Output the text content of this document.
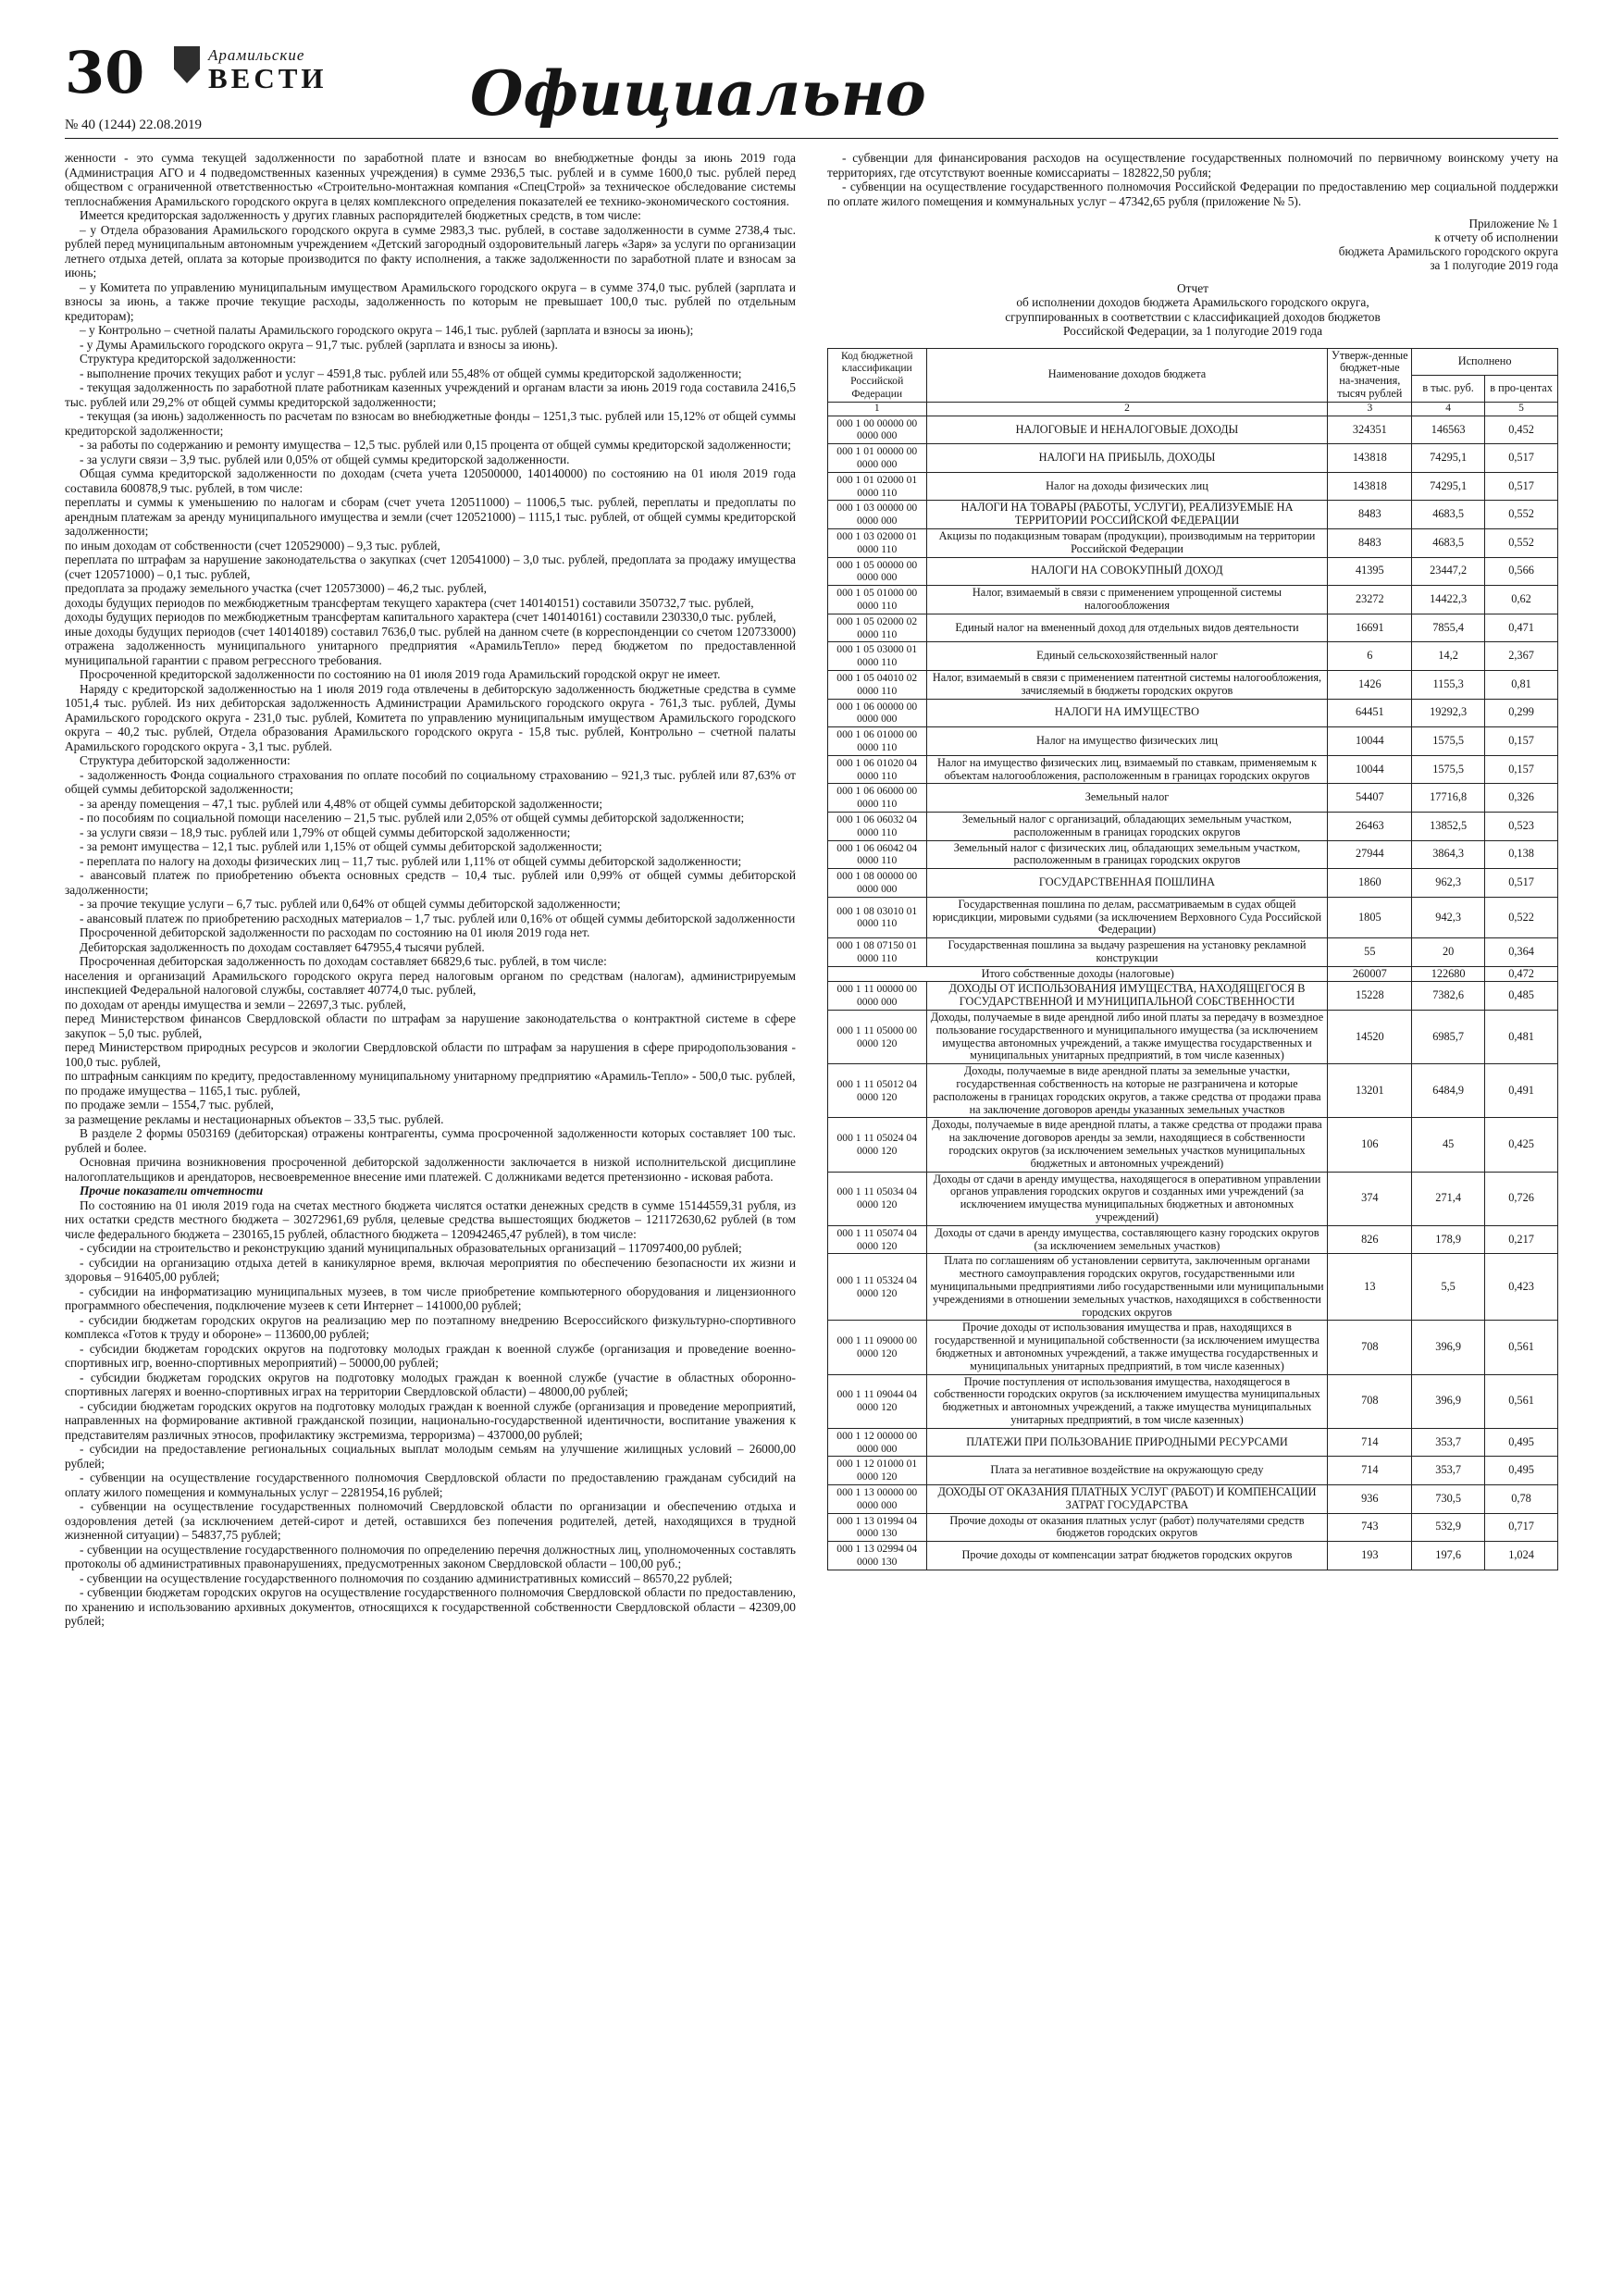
30	Арамильские
ВЕСТИ
№ 40 (1244) 22.08.2019	Официально

женности - это сумма текущей задолженности по заработной плате и взносам во внебюджетные фонды за июнь 2019 года (Администрация АГО и 4 подведомственных казенных учреждения) в сумме 2936,5 тыс. рублей и в сумме 1600,0 тыс. рублей перед обществом с ограниченной ответственностью «Строительно-монтажная компания «СпецСтрой» за техническое обследование системы теплоснабжения Арамильского городского округа в целях комплексного определения показателей ее технико-экономического состояния.

Имеется кредиторская задолженность у других главных распорядителей бюджетных средств, в том числе:

– у Отдела образования Арамильского городского округа в сумме 2983,3 тыс. рублей, в составе задолженности в сумме 2738,4 тыс. рублей перед муниципальным автономным учреждением «Детский загородный оздоровительный лагерь «Заря» за услуги по организации летнего отдыха детей, оплата за которые производится по факту исполнения, а также задолженности по заработной плате и взносам за июнь;

– у Комитета по управлению муниципальным имуществом Арамильского городского округа – в сумме 374,0 тыс. рублей (зарплата и взносы за июнь, а также прочие текущие расходы, задолженность по которым не превышает 100,0 тыс. рублей по отдельным кредиторам);

– у Контрольно – счетной палаты Арамильского городского округа – 146,1 тыс. рублей (зарплата и взносы за июнь);

- у Думы Арамильского городского округа – 91,7 тыс. рублей (зарплата и взносы за июнь).

Структура кредиторской задолженности:

- выполнение прочих текущих работ и услуг – 4591,8 тыс. рублей или 55,48% от общей суммы кредиторской задолженности;

- текущая задолженность по заработной плате работникам казенных учреждений и органам власти за июнь 2019 года составила 2416,5 тыс. рублей или 29,2% от общей суммы кредиторской задолженности;

- текущая (за июнь) задолженность по расчетам по взносам во внебюджетные фонды – 1251,3 тыс. рублей или 15,12% от общей суммы кредиторской задолженности;

- за работы по содержанию и ремонту имущества – 12,5 тыс. рублей или 0,15 процента от общей суммы кредиторской задолженности;

- за услуги связи – 3,9 тыс. рублей или 0,05% от общей суммы кредиторской задолженности.

Общая сумма кредиторской задолженности по доходам (счета учета 120500000, 140140000) по состоянию на 01 июля 2019 года составила 600878,9 тыс. рублей, в том числе:

переплаты и суммы к уменьшению по налогам и сборам (счет учета 120511000) – 11006,5 тыс. рублей, переплаты и предоплаты по арендным платежам за аренду муниципального имущества и земли (счет 120521000) – 1115,1 тыс. рублей, от общей суммы кредиторской задолженности;

по иным доходам от собственности (счет 120529000) – 9,3 тыс. рублей,

переплата по штрафам за нарушение законодательства о закупках (счет 120541000) – 3,0 тыс. рублей, предоплата за продажу имущества (счет 120571000) – 0,1 тыс. рублей,

предоплата за продажу земельного участка (счет 120573000) – 46,2 тыс. рублей,

доходы будущих периодов по межбюджетным трансфертам текущего характера (счет 140140151) составили 350732,7 тыс. рублей,

доходы будущих периодов по межбюджетным трансфертам капитального характера (счет 140140161) составили 230330,0 тыс. рублей,

иные доходы будущих периодов (счет 140140189) составил 7636,0 тыс. рублей на данном счете (в корреспонденции со счетом 120733000) отражена задолженность муниципального унитарного предприятия «АрамильТепло» перед бюджетом по предоставленной муниципальной гарантии с правом регрессного требования.

Просроченной кредиторской задолженности по состоянию на 01 июля 2019 года Арамильский городской округ не имеет.

Наряду с кредиторской задолженностью на 1 июля 2019 года отвлечены в дебиторскую задолженность бюджетные средства в сумме 1051,4 тыс. рублей. Из них дебиторская задолженность Администрации Арамильского городского округа - 761,3 тыс. рублей, Думы Арамильского городского округа - 231,0 тыс. рублей, Комитета по управлению муниципальным имуществом Арамильского городского округа – 40,2 тыс. рублей, Отдела образования Арамильского городского округа - 15,8 тыс. рублей, Контрольно – счетной палаты Арамильского городского округа - 3,1 тыс. рублей.

Структура дебиторской задолженности:

- задолженность Фонда социального страхования по оплате пособий по социальному страхованию – 921,3 тыс. рублей или 87,63% от общей суммы дебиторской задолженности;

- за аренду помещения – 47,1 тыс. рублей или 4,48% от общей суммы дебиторской задолженности;

- по пособиям по социальной помощи населению – 21,5 тыс. рублей или 2,05% от общей суммы дебиторской задолженности;

- за услуги связи – 18,9 тыс. рублей или 1,79% от общей суммы дебиторской задолженности;

- за ремонт имущества – 12,1 тыс. рублей или 1,15% от общей суммы дебиторской задолженности;

- переплата по налогу на доходы физических лиц – 11,7 тыс. рублей или 1,11% от общей суммы дебиторской задолженности;

- авансовый платеж по приобретению объекта основных средств – 10,4 тыс. рублей или 0,99% от общей суммы дебиторской задолженности;

- за прочие текущие услуги – 6,7 тыс. рублей или 0,64% от общей суммы дебиторской задолженности;

- авансовый платеж по приобретению расходных материалов – 1,7 тыс. рублей или 0,16% от общей суммы дебиторской задолженности

Просроченной дебиторской задолженности по расходам по состоянию на 01 июля 2019 года нет.

Дебиторская задолженность по доходам составляет 647955,4 тысячи рублей.

Просроченная дебиторская задолженность по доходам составляет 66829,6 тыс. рублей, в том числе:

населения и организаций Арамильского городского округа перед налоговым органом по средствам (налогам), администрируемым инспекцией Федеральной налоговой службы, составляет 40774,0 тыс. рублей,

по доходам от аренды имущества и земли – 22697,3 тыс. рублей,

перед Министерством финансов Свердловской области по штрафам за нарушение законодательства о контрактной системе в сфере закупок – 5,0 тыс. рублей,

перед Министерством природных ресурсов и экологии Свердловской области по штрафам за нарушения в сфере природопользования - 100,0 тыс. рублей,

по штрафным санкциям по кредиту, предоставленному муниципальному унитарному предприятию «Арамиль-Тепло» - 500,0 тыс. рублей,

по продаже имущества – 1165,1 тыс. рублей,

по продаже земли – 1554,7 тыс. рублей,

за размещение рекламы и нестационарных объектов – 33,5 тыс. рублей.

В разделе 2 формы 0503169 (дебиторская) отражены контрагенты, сумма просроченной задолженности которых составляет 100 тыс. рублей и более.

Основная причина возникновения просроченной дебиторской задолженности заключается в низкой исполнительской дисциплине налогоплательщиков и арендаторов, несвоевременное внесение ими платежей. С должниками ведется претензионно - исковая работа.

Прочие показатели отчетности

По состоянию на 01 июля 2019 года на счетах местного бюджета числятся остатки денежных средств в сумме 15144559,31 рубля, из них остатки средств местного бюджета – 30272961,69 рубля, целевые средства вышестоящих бюджетов – 121172630,62 рублей (в том числе федерального бюджета – 230165,15 рублей, областного бюджета – 120942465,47 рублей), в том числе:

- субсидии на строительство и реконструкцию зданий муниципальных образовательных организаций – 117097400,00 рублей;

- субсидии на организацию отдыха детей в каникулярное время, включая мероприятия по обеспечению безопасности их жизни и здоровья – 916405,00 рублей;

- субсидии на информатизацию муниципальных музеев, в том числе приобретение компьютерного оборудования и лицензионного программного обеспечения, подключение музеев к сети Интернет – 141000,00 рублей;

- субсидии бюджетам городских округов на реализацию мер по поэтапному внедрению Всероссийского физкультурно-спортивного комплекса «Готов к труду и обороне» – 113600,00 рублей;

- субсидии бюджетам городских округов на подготовку молодых граждан к военной службе (организация и проведение военно-спортивных игр, военно-спортивных мероприятий) – 50000,00 рублей;

- субсидии бюджетам городских округов на подготовку молодых граждан к военной службе (участие в областных оборонно-спортивных лагерях и военно-спортивных играх на территории Свердловской области) – 48000,00 рублей;

- субсидии бюджетам городских округов на подготовку молодых граждан к военной службе (организация и проведение мероприятий, направленных на формирование активной гражданской позиции, национально-государственной идентичности, воспитание уважения к представителям различных этносов, профилактику экстремизма, терроризма) – 437000,00 рублей;

- субсидии на предоставление региональных социальных выплат молодым семьям на улучшение жилищных условий – 26000,00 рублей;

- субвенции на осуществление государственного полномочия Свердловской области по предоставлению гражданам субсидий на оплату жилого помещения и коммунальных услуг – 2281954,16 рублей;

- субвенции на осуществление государственных полномочий Свердловской области по организации и обеспечению отдыха и оздоровления детей (за исключением детей-сирот и детей, оставшихся без попечения родителей, детей, находящихся в трудной жизненной ситуации) – 54837,75 рублей;

- субвенции на осуществление государственного полномочия по определению перечня должностных лиц, уполномоченных составлять протоколы об административных правонарушениях, предусмотренных законом Свердловской области – 100,00 руб.;

- субвенции на осуществление государственного полномочия по созданию административных комиссий – 86570,22 рублей;

- субвенции бюджетам городских округов на осуществление государственного полномочия Свердловской области по предоставлению, по хранению и использованию архивных документов, относящихся к государственной собственности Свердловской области – 42309,00 рублей;

- субвенции для финансирования расходов на осуществление государственных полномочий по первичному воинскому учету на территориях, где отсутствуют военные комиссариаты – 182822,50 рубля;

- субвенции на осуществление государственного полномочия Российской Федерации по предоставлению мер социальной поддержки по оплате жилого помещения и коммунальных услуг – 47342,65 рубля (приложение № 5).

Приложение № 1
к отчету об исполнении
бюджета Арамильского городского округа
за 1 полугодие 2019 года
Отчет
об исполнении доходов бюджета Арамильского городского округа,
сгруппированных в соответствии с классификацией доходов бюджетов
Российской Федерации, за 1 полугодие 2019 года
Код бюджетной классификации Российской Федерации	Наименование доходов бюджета	Утверж-денные бюджет-ные на-значения, тысяч рублей	Исполнено	
			в тыс. руб.	в про-центах
1	2	3	4	5
000 1 00 00000 00 0000 000	НАЛОГОВЫЕ И НЕНАЛОГОВЫЕ ДОХОДЫ	324351	146563	0,452
000 1 01 00000 00 0000 000	НАЛОГИ НА ПРИБЫЛЬ, ДОХОДЫ	143818	74295,1	0,517
000 1 01 02000 01 0000 110	Налог на доходы физических лиц	143818	74295,1	0,517
000 1 03 00000 00 0000 000	НАЛОГИ НА ТОВАРЫ (РАБОТЫ, УСЛУГИ), РЕАЛИЗУЕМЫЕ НА ТЕРРИТОРИИ РОССИЙСКОЙ ФЕДЕРАЦИИ	8483	4683,5	0,552
000 1 03 02000 01 0000 110	Акцизы по подакцизным товарам (продукции), производимым на территории Российской Федерации	8483	4683,5	0,552
000 1 05 00000 00 0000 000	НАЛОГИ НА СОВОКУПНЫЙ ДОХОД	41395	23447,2	0,566
000 1 05 01000 00 0000 110	Налог, взимаемый в связи с применением упрощенной системы налогообложения	23272	14422,3	0,62
000 1 05 02000 02 0000 110	Единый налог на вмененный доход для отдельных видов деятельности	16691	7855,4	0,471
000 1 05 03000 01 0000 110	Единый сельскохозяйственный налог	6	14,2	2,367
000 1 05 04010 02 0000 110	Налог, взимаемый в связи с применением патентной системы налогообложения, зачисляемый в бюджеты городских округов	1426	1155,3	0,81
000 1 06 00000 00 0000 000	НАЛОГИ НА ИМУЩЕСТВО	64451	19292,3	0,299
000 1 06 01000 00 0000 110	Налог на имущество физических лиц	10044	1575,5	0,157
000 1 06 01020 04 0000 110	Налог на имущество физических лиц, взимаемый по ставкам, применяемым к объектам налогообложения, расположенным в границах городских округов	10044	1575,5	0,157
000 1 06 06000 00 0000 110	Земельный налог	54407	17716,8	0,326
000 1 06 06032 04 0000 110	Земельный налог с организаций, обладающих земельным участком, расположенным в границах городских округов	26463	13852,5	0,523
000 1 06 06042 04 0000 110	Земельный налог с физических лиц, обладающих земельным участком, расположенным в границах городских округов	27944	3864,3	0,138
000 1 08 00000 00 0000 000	ГОСУДАРСТВЕННАЯ ПОШЛИНА	1860	962,3	0,517
000 1 08 03010 01 0000 110	Государственная пошлина по делам, рассматриваемым в судах общей юрисдикции, мировыми судьями (за исключением Верховного Суда Российской Федерации)	1805	942,3	0,522
000 1 08 07150 01 0000 110	Государственная пошлина за выдачу разрешения на установку рекламной конструкции	55	20	0,364
Итого собственные доходы (налоговые)		260007	122680	0,472
000 1 11 00000 00 0000 000	ДОХОДЫ ОТ ИСПОЛЬЗОВАНИЯ ИМУЩЕСТВА, НАХОДЯЩЕГОСЯ В ГОСУДАРСТВЕННОЙ И МУНИЦИПАЛЬНОЙ СОБСТВЕННОСТИ	15228	7382,6	0,485
000 1 11 05000 00 0000 120	Доходы, получаемые в виде арендной либо иной платы за передачу в возмездное пользование государственного и муниципального имущества (за исключением имущества автономных учреждений, а также имущества государственных и муниципальных унитарных предприятий, в том числе казенных)	14520	6985,7	0,481
000 1 11 05012 04 0000 120	Доходы, получаемые в виде арендной платы за земельные участки, государственная собственность на которые не разграничена и которые расположены в границах городских округов, а также средства от продажи права на заключение договоров аренды указанных земельных участков	13201	6484,9	0,491
000 1 11 05024 04 0000 120	Доходы, получаемые в виде арендной платы, а также средства от продажи права на заключение договоров аренды за земли, находящиеся в собственности городских округов (за исключением земельных участков муниципальных бюджетных и автономных учреждений)	106	45	0,425
000 1 11 05034 04 0000 120	Доходы от сдачи в аренду имущества, находящегося в оперативном управлении органов управления городских округов и созданных ими учреждений (за исключением имущества муниципальных бюджетных и автономных учреждений)	374	271,4	0,726
000 1 11 05074 04 0000 120	Доходы от сдачи в аренду имущества, составляющего казну городских округов (за исключением земельных участков)	826	178,9	0,217
000 1 11 05324 04 0000 120	Плата по соглашениям об установлении сервитута, заключенным органами местного самоуправления городских округов, государственными или муниципальными предприятиями либо государственными или муниципальными учреждениями в отношении земельных участков, находящихся в собственности городских округов	13	5,5	0,423
000 1 11 09000 00 0000 120	Прочие доходы от использования имущества и прав, находящихся в государственной и муниципальной собственности (за исключением имущества бюджетных и автономных учреждений, а также имущества государственных и муниципальных унитарных предприятий, в том числе казенных)	708	396,9	0,561
000 1 11 09044 04 0000 120	Прочие поступления от использования имущества, находящегося в собственности городских округов (за исключением имущества муниципальных бюджетных и автономных учреждений, а также имущества муниципальных унитарных предприятий, в том числе казенных)	708	396,9	0,561
000 1 12 00000 00 0000 000	ПЛАТЕЖИ ПРИ ПОЛЬЗОВАНИЕ ПРИРОДНЫМИ РЕСУРСАМИ	714	353,7	0,495
000 1 12 01000 01 0000 120	Плата за негативное воздействие на окружающую среду	714	353,7	0,495
000 1 13 00000 00 0000 000	ДОХОДЫ ОТ ОКАЗАНИЯ ПЛАТНЫХ УСЛУГ (РАБОТ) И КОМПЕНСАЦИИ ЗАТРАТ ГОСУДАРСТВА	936	730,5	0,78
000 1 13 01994 04 0000 130	Прочие доходы от оказания платных услуг (работ) получателями средств бюджетов городских округов	743	532,9	0,717
000 1 13 02994 04 0000 130	Прочие доходы от компенсации затрат бюджетов городских округов	193	197,6	1,024
